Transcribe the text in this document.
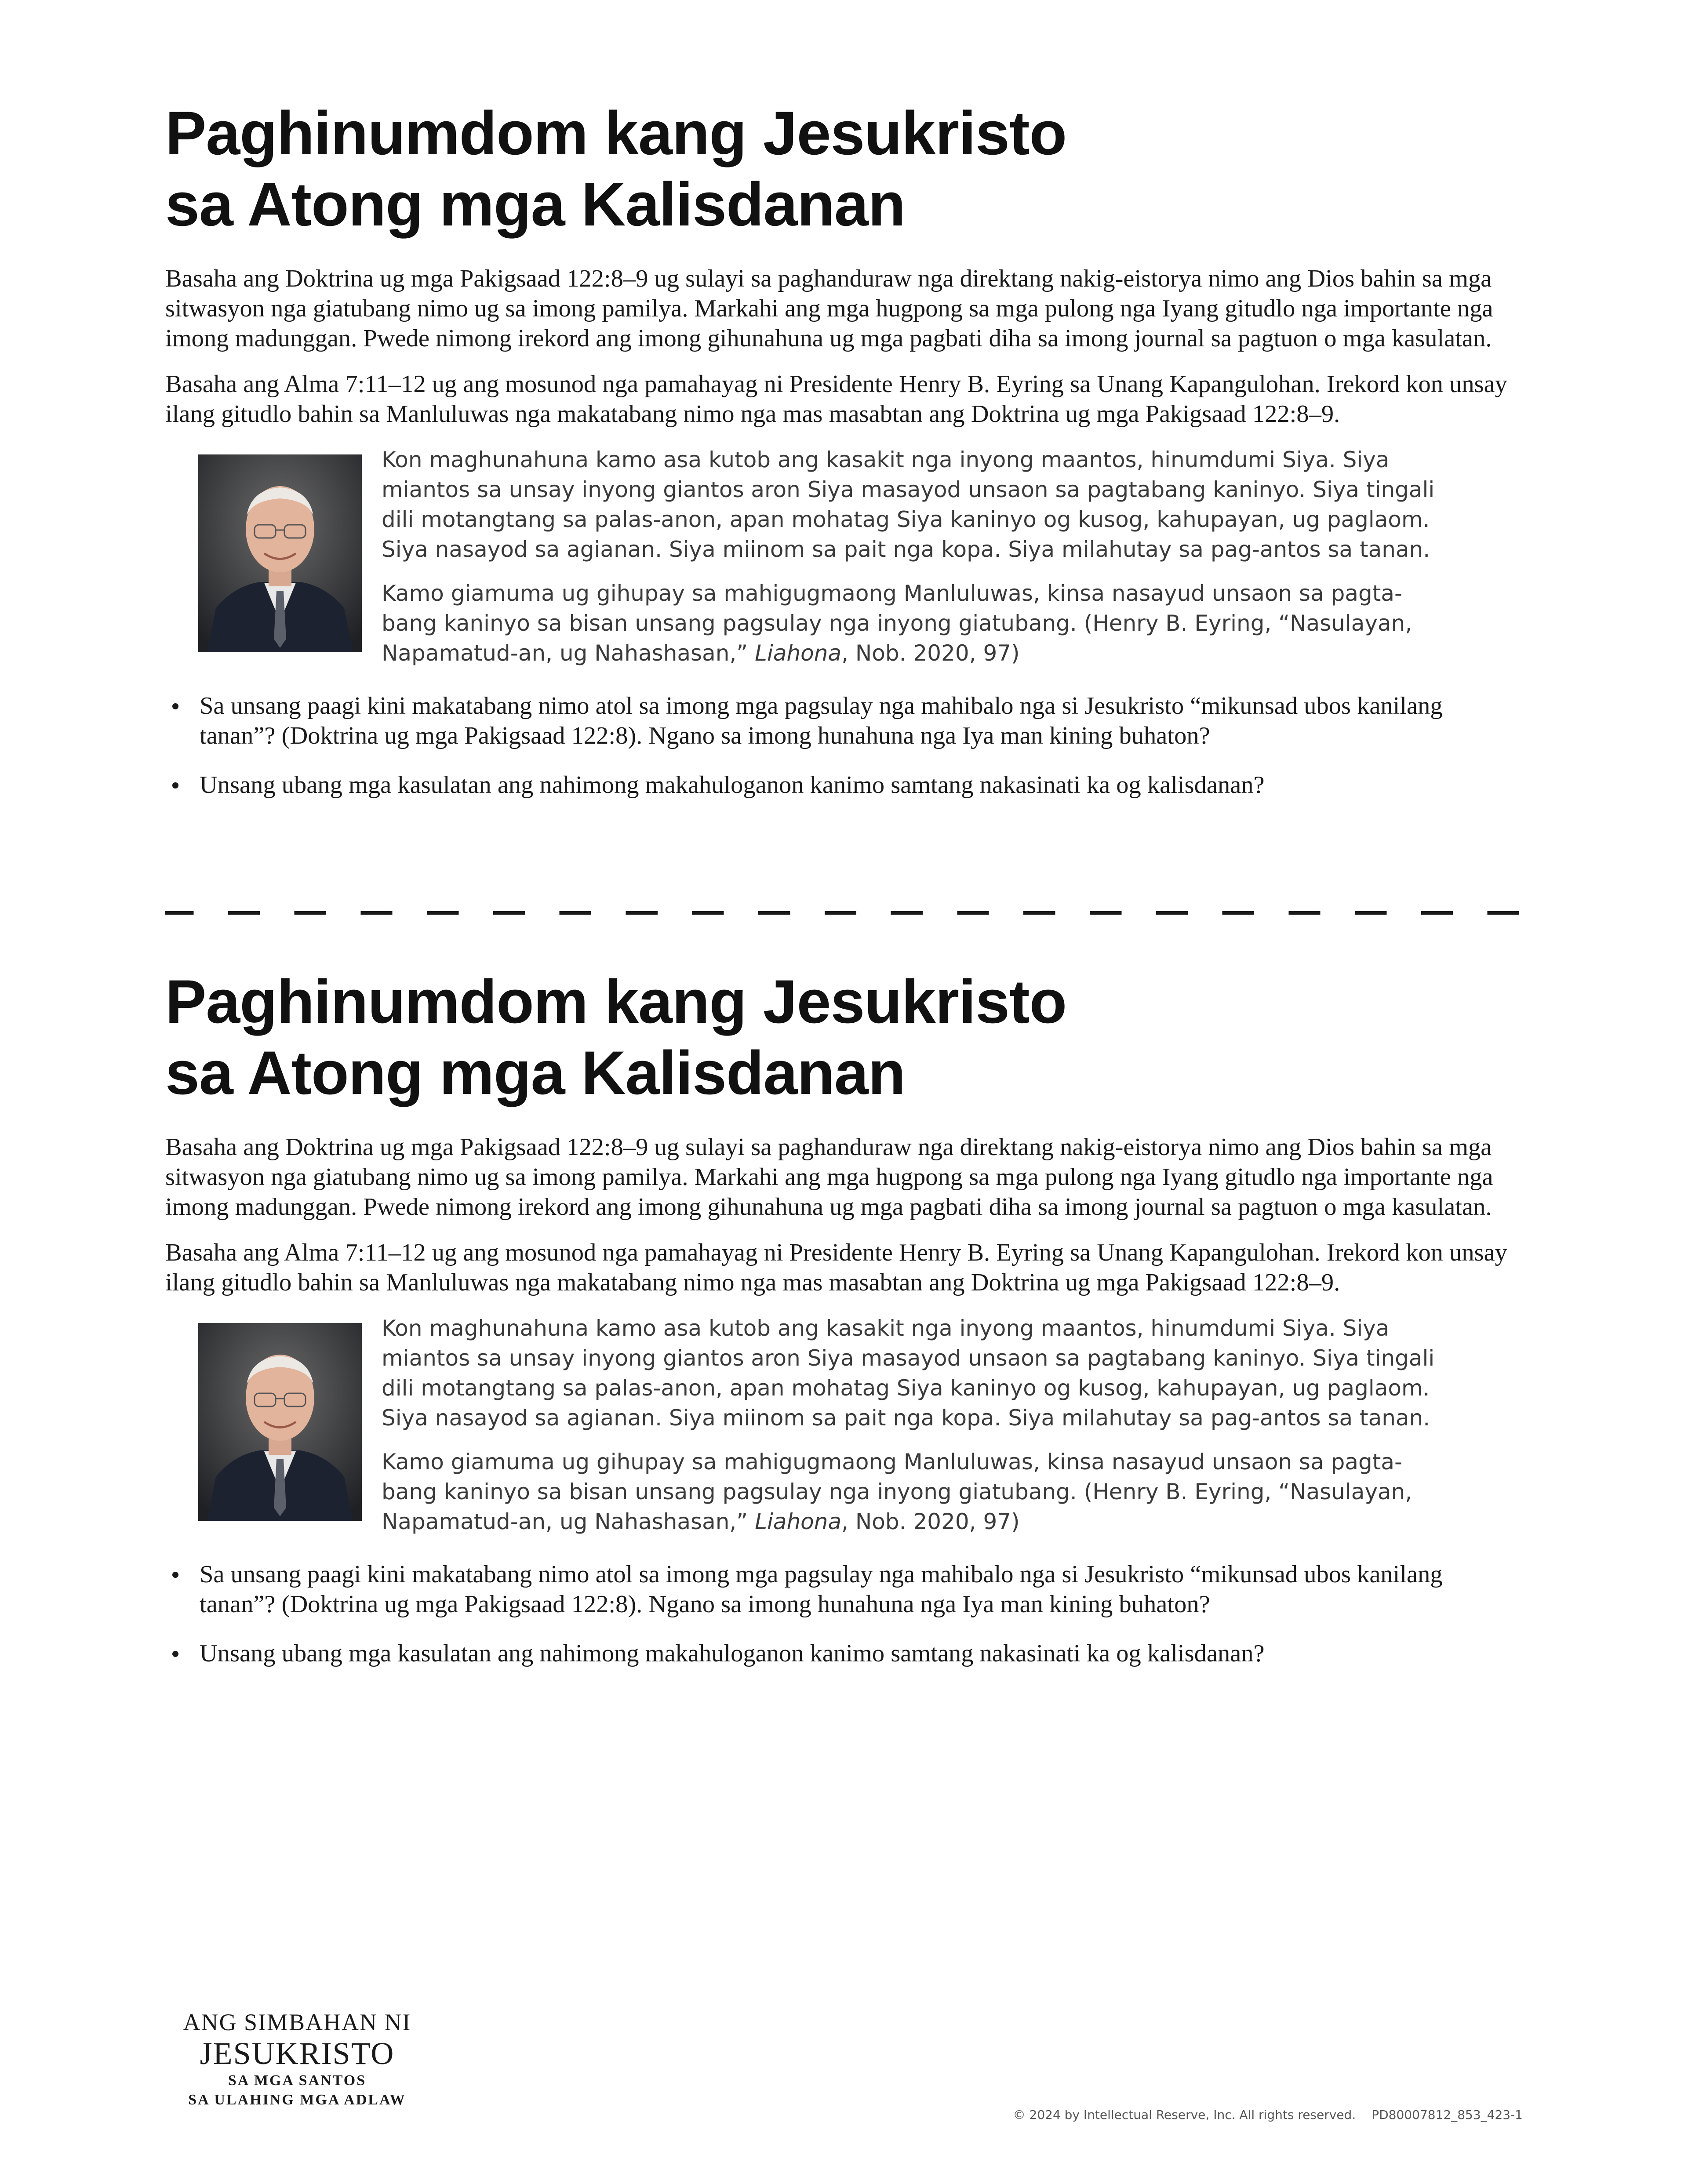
Paghinumdom kang Jesukristo
sa Atong mga Kalisdanan

Basaha ang Doktrina ug mga Pakigsaad 122:8–9 ug sulayi sa paghanduraw nga direktang nakig-eistorya nimo ang Dios bahin sa mga sitwasyon nga giatubang nimo ug sa imong pamilya. Markahi ang mga hugpong sa mga pulong nga Iyang gitudlo nga importante nga imong madunggan. Pwede nimong irekord ang imong gihunahuna ug mga pagbati diha sa imong journal sa pagtuon o mga kasulatan.

Basaha ang Alma 7:11–12 ug ang mosunod nga pamahayag ni Presidente Henry B. Eyring sa Unang Kapangulohan. Irekord kon unsay ilang gitudlo bahin sa Manluluwas nga makatabang nimo nga mas masabtan ang Doktrina ug mga Pakigsaad 122:8–9.

Kon maghunahuna kamo asa kutob ang kasakit nga inyong maantos, hinumdumi Siya. Siya miantos sa unsay inyong giantos aron Siya masayod unsaon sa pagtabang kaninyo. Siya tingali dili motangtang sa palas-anon, apan mohatag Siya kaninyo og kusog, kahupayan, ug paglaom. Siya nasayod sa agianan. Siya miinom sa pait nga kopa. Siya milahutay sa pag-antos sa tanan.

Kamo giamuma ug gihupay sa mahigugmaong Manluluwas, kinsa nasayud unsaon sa pagta-bang kaninyo sa bisan unsang pagsulay nga inyong giatubang. (Henry B. Eyring, “Nasulayan, Napamatud-an, ug Nahashasan,” Liahona, Nob. 2020, 97)

Sa unsang paagi kini makatabang nimo atol sa imong mga pagsulay nga mahibalo nga si Jesukristo “mikunsad ubos kanilang tanan”? (Doktrina ug mga Pakigsaad 122:8). Ngano sa imong hunahuna nga Iya man kining buhaton?
Unsang ubang mga kasulatan ang nahimong makahuloganon kanimo samtang nakasinati ka og kalisdanan?
Paghinumdom kang Jesukristo
sa Atong mga Kalisdanan

Basaha ang Doktrina ug mga Pakigsaad 122:8–9 ug sulayi sa paghanduraw nga direktang nakig-eistorya nimo ang Dios bahin sa mga sitwasyon nga giatubang nimo ug sa imong pamilya. Markahi ang mga hugpong sa mga pulong nga Iyang gitudlo nga importante nga imong madunggan. Pwede nimong irekord ang imong gihunahuna ug mga pagbati diha sa imong journal sa pagtuon o mga kasulatan.

Basaha ang Alma 7:11–12 ug ang mosunod nga pamahayag ni Presidente Henry B. Eyring sa Unang Kapangulohan. Irekord kon unsay ilang gitudlo bahin sa Manluluwas nga makatabang nimo nga mas masabtan ang Doktrina ug mga Pakigsaad 122:8–9.

Kon maghunahuna kamo asa kutob ang kasakit nga inyong maantos, hinumdumi Siya. Siya miantos sa unsay inyong giantos aron Siya masayod unsaon sa pagtabang kaninyo. Siya tingali dili motangtang sa palas-anon, apan mohatag Siya kaninyo og kusog, kahupayan, ug paglaom. Siya nasayod sa agianan. Siya miinom sa pait nga kopa. Siya milahutay sa pag-antos sa tanan.

Kamo giamuma ug gihupay sa mahigugmaong Manluluwas, kinsa nasayud unsaon sa pagta-bang kaninyo sa bisan unsang pagsulay nga inyong giatubang. (Henry B. Eyring, “Nasulayan, Napamatud-an, ug Nahashasan,” Liahona, Nob. 2020, 97)

Sa unsang paagi kini makatabang nimo atol sa imong mga pagsulay nga mahibalo nga si Jesukristo “mikunsad ubos kanilang tanan”? (Doktrina ug mga Pakigsaad 122:8). Ngano sa imong hunahuna nga Iya man kining buhaton?
Unsang ubang mga kasulatan ang nahimong makahuloganon kanimo samtang nakasinati ka og kalisdanan?
ANG SIMBAHAN NI
JESUKRISTO
SA MGA SANTOS
SA ULAHING MGA ADLAW
© 2024 by Intellectual Reserve, Inc. All rights reserved. PD80007812_853_423-1
